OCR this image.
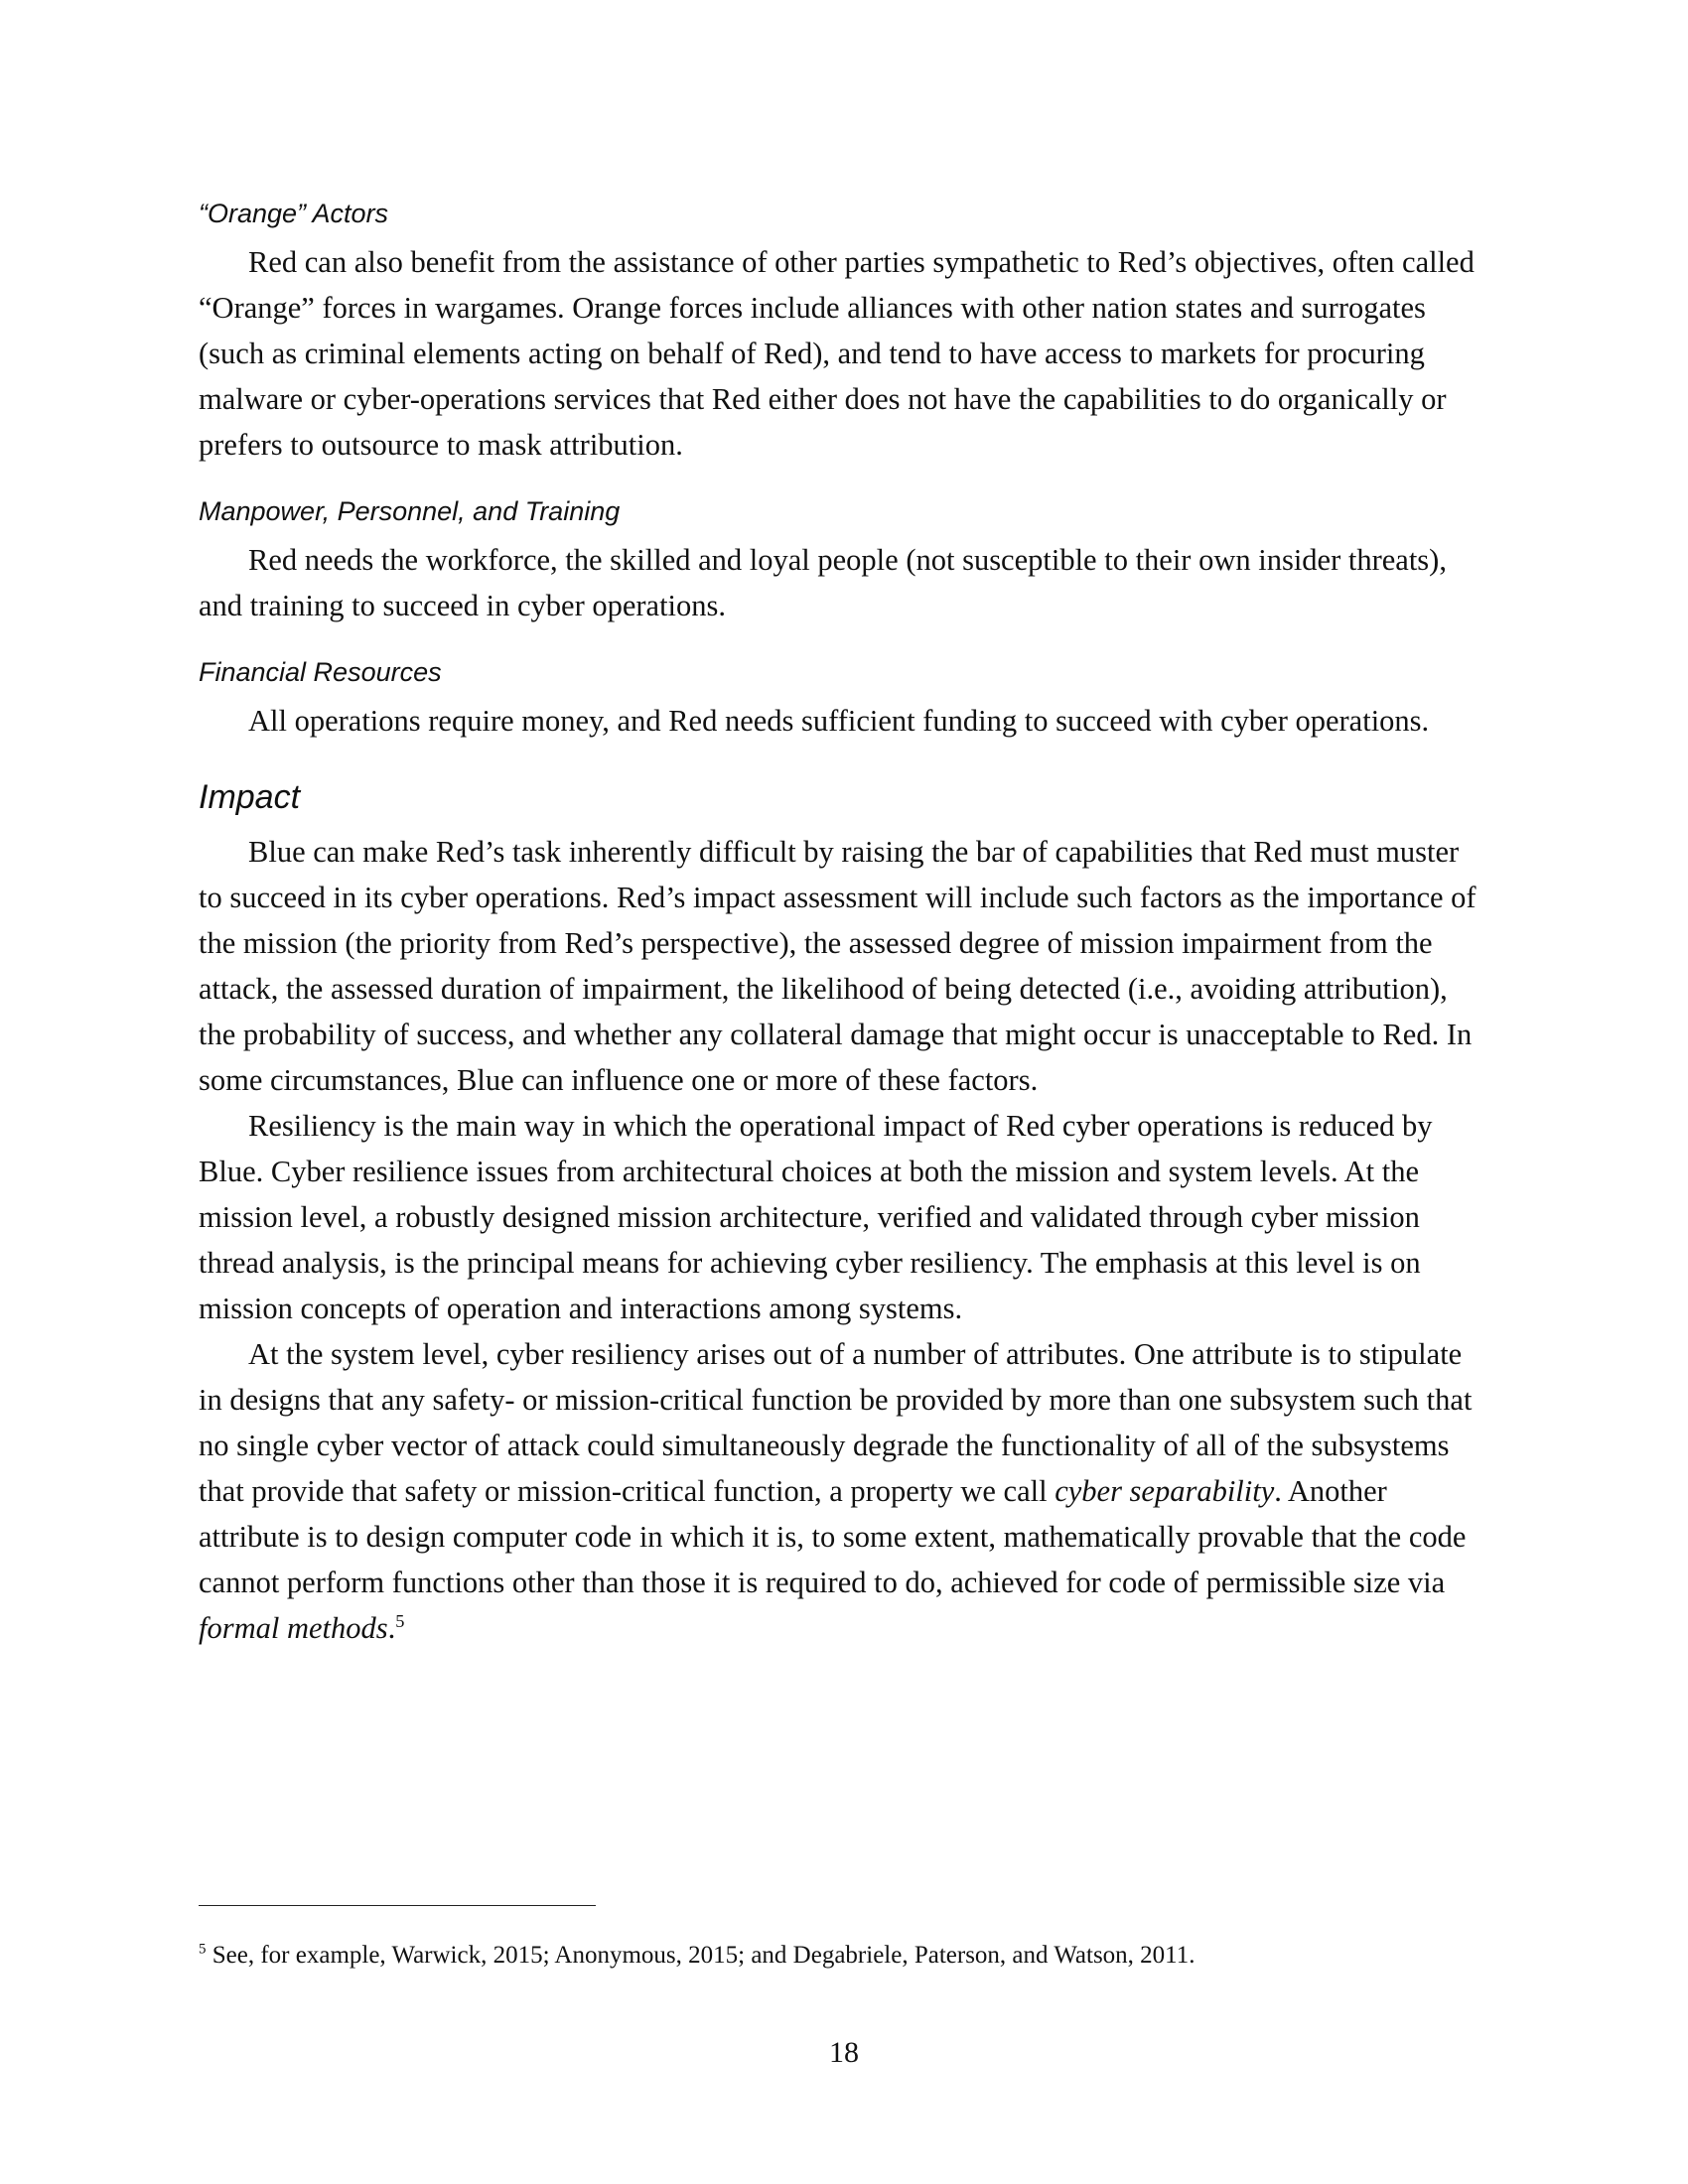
“Orange” Actors

Red can also benefit from the assistance of other parties sympathetic to Red’s objectives, often called “Orange” forces in wargames. Orange forces include alliances with other nation states and surrogates (such as criminal elements acting on behalf of Red), and tend to have access to markets for procuring malware or cyber-operations services that Red either does not have the capabilities to do organically or prefers to outsource to mask attribution.

Manpower, Personnel, and Training

Red needs the workforce, the skilled and loyal people (not susceptible to their own insider threats), and training to succeed in cyber operations.

Financial Resources

All operations require money, and Red needs sufficient funding to succeed with cyber operations.

Impact

Blue can make Red’s task inherently difficult by raising the bar of capabilities that Red must muster to succeed in its cyber operations. Red’s impact assessment will include such factors as the importance of the mission (the priority from Red’s perspective), the assessed degree of mission impairment from the attack, the assessed duration of impairment, the likelihood of being detected (i.e., avoiding attribution), the probability of success, and whether any collateral damage that might occur is unacceptable to Red. In some circumstances, Blue can influence one or more of these factors.

Resiliency is the main way in which the operational impact of Red cyber operations is reduced by Blue. Cyber resilience issues from architectural choices at both the mission and system levels. At the mission level, a robustly designed mission architecture, verified and validated through cyber mission thread analysis, is the principal means for achieving cyber resiliency. The emphasis at this level is on mission concepts of operation and interactions among systems.

At the system level, cyber resiliency arises out of a number of attributes. One attribute is to stipulate in designs that any safety- or mission-critical function be provided by more than one subsystem such that no single cyber vector of attack could simultaneously degrade the functionality of all of the subsystems that provide that safety or mission-critical function, a property we call cyber separability. Another attribute is to design computer code in which it is, to some extent, mathematically provable that the code cannot perform functions other than those it is required to do, achieved for code of permissible size via formal methods.$^5$

$^5$ See, for example, Warwick, 2015; Anonymous, 2015; and Degabriele, Paterson, and Watson, 2011.
18
